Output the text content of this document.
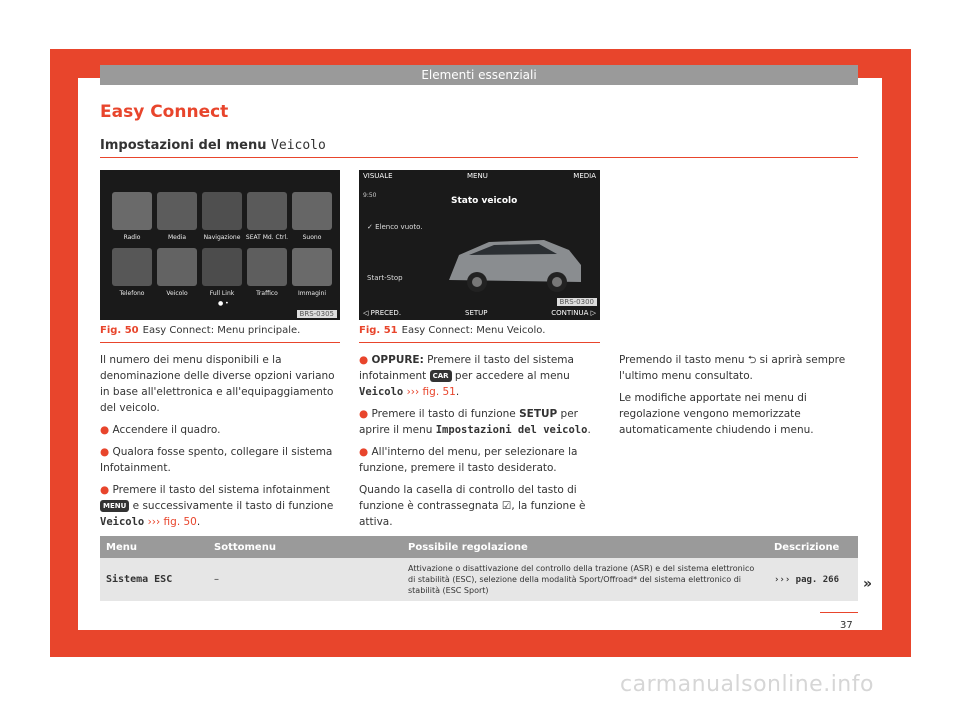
Elementi essenziali
Easy Connect
Impostazioni del menu Veicolo
Radio	Media	Navigazione SEAT Md. Ctrl.	Suono
Telefono	Veicolo	Full Link	Traffico	Immagini
● •
BRS-0305
Fig. 50 Easy Connect: Menu principale.
VISUALE	MENU	MEDIA
9:50
Stato veicolo
✓ Elenco vuoto.
Start-Stop
◁ PRECED.	SETUP	CONTINUA ▷
BRS-0300
Fig. 51 Easy Connect: Menu Veicolo.

Il numero dei menu disponibili e la denominazione delle diverse opzioni variano in base all'elettronica e all'equipaggiamento del veicolo.

● Accendere il quadro.

● Qualora fosse spento, collegare il sistema Infotainment.

● Premere il tasto del sistema infotainment MENU e successivamente il tasto di funzione Veicolo ››› fig. 50.

● OPPURE: Premere il tasto del sistema infotainment CAR per accedere al menu Veicolo ››› fig. 51.

● Premere il tasto di funzione SETUP per aprire il menu Impostazioni del veicolo.

● All'interno del menu, per selezionare la funzione, premere il tasto desiderato.

Quando la casella di controllo del tasto di funzione è contrassegnata ☑, la funzione è attiva.

Premendo il tasto menu ⮌ si aprirà sempre l'ultimo menu consultato.

Le modifiche apportate nei menu di regolazione vengono memorizzate automaticamente chiudendo i menu.

Menu	Sottomenu	Possibile regolazione	Descrizione
Sistema ESC	–	Attivazione o disattivazione del controllo della trazione (ASR) e del sistema elettronico di stabilità (ESC), selezione della modalità Sport/Offroad* del sistema elettronico di stabilità (ESC Sport)	››› pag. 266 »
37
carmanualsonline.info
